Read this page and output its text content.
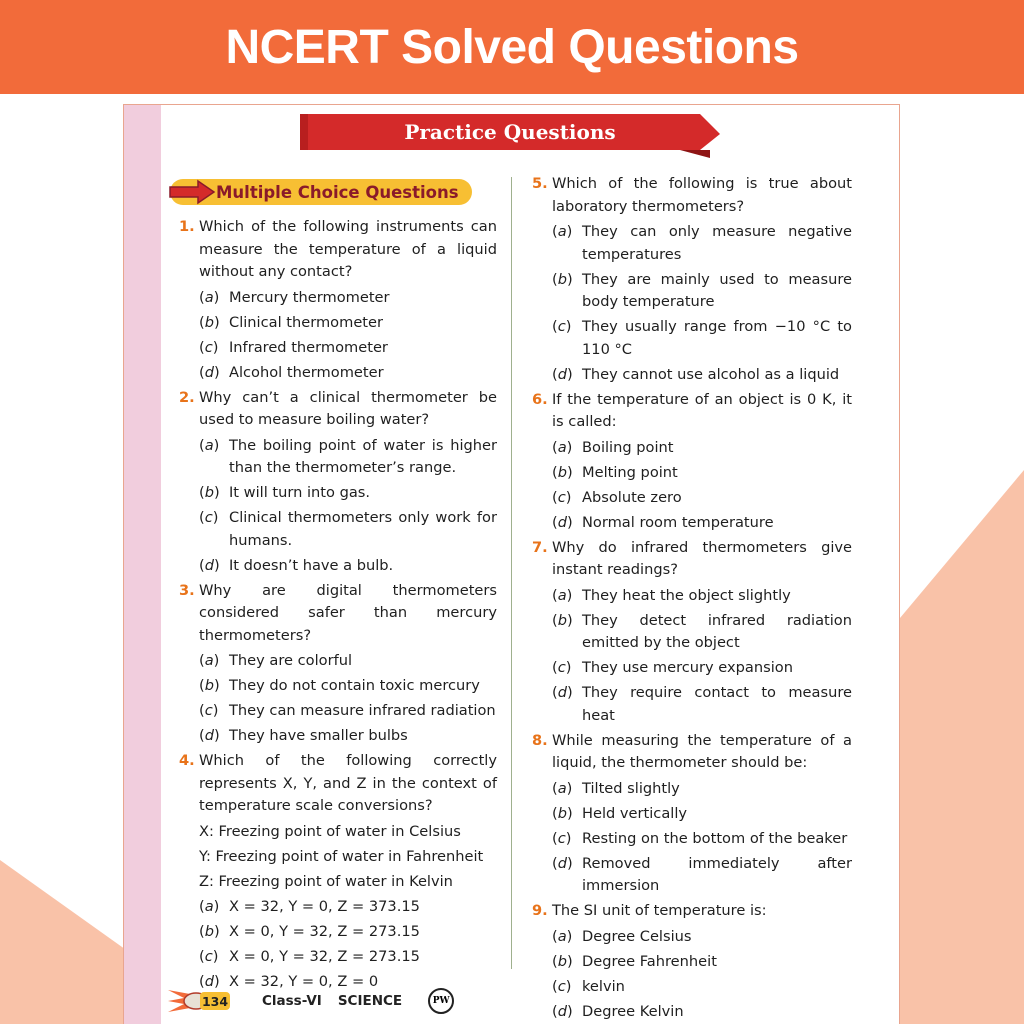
NCERT Solved Questions
Practice Questions
Multiple Choice Questions
1. Which of the following instruments can measure the temperature of a liquid without any contact?
( a )	Mercury thermometer
( b )	Clinical thermometer
( c )	Infrared thermometer
( d )	Alcohol thermometer
2. Why can’t a clinical thermometer be used to measure boiling water?
( a )	The boiling point of water is higher than the thermometer’s range.
( b )	It will turn into gas.
( c )	Clinical thermometers only work for humans.
( d )	It doesn’t have a bulb.
3. Why are digital thermometers considered safer than mercury thermometers?
( a )	They are colorful
( b )	They do not contain toxic mercury
( c )	They can measure infrared radiation
( d )	They have smaller bulbs
4. Which of the following correctly represents X, Y, and Z in the context of temperature scale conversions?
X: Freezing point of water in Celsius
Y: Freezing point of water in Fahrenheit
Z: Freezing point of water in Kelvin
( a )	X = 32, Y = 0, Z = 373.15
( b )	X = 0, Y = 32, Z = 273.15
( c )	X = 0, Y = 32, Z = 273.15
( d )	X = 32, Y = 0, Z = 0
5. Which of the following is true about laboratory thermometers?
( a )	They can only measure negative temperatures
( b )	They are mainly used to measure body temperature
( c )	They usually range from −10 °C to 110 °C
( d )	They cannot use alcohol as a liquid
6. If the temperature of an object is 0 K, it is called:
( a )	Boiling point
( b )	Melting point
( c )	Absolute zero
( d )	Normal room temperature
7. Why do infrared thermometers give instant readings?
( a )	They heat the object slightly
( b )	They detect infrared radiation emitted by the object
( c )	They use mercury expansion
( d )	They require contact to measure heat
8. While measuring the temperature of a liquid, the thermometer should be:
( a )	Tilted slightly
( b )	Held vertically
( c )	Resting on the bottom of the beaker
( d )	Removed immediately after immersion
9. The SI unit of temperature is:
( a )	Degree Celsius
( b )	Degree Fahrenheit
( c )	kelvin
( d )	Degree Kelvin
134	Class-VI SCIENCE	PW
